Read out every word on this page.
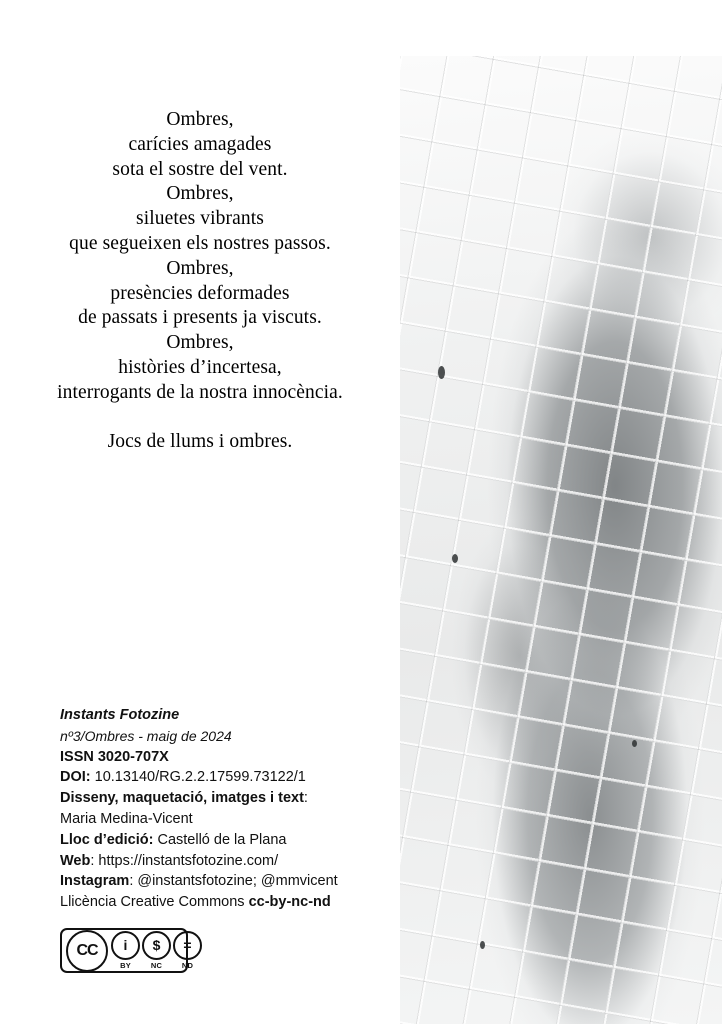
Ombres,
carícies amagades
sota el sostre del vent.
Ombres,
siluetes vibrants
que segueixen els nostres passos.
Ombres,
presències deformades
de passats i presents ja viscuts.
Ombres,
històries d’incertesa,
interrogants de la nostra innocència.
Jocs de llums i ombres.
Instants Fotozine
nº3/Ombres - maig de 2024
ISSN 3020-707X
DOI: 10.13140/RG.2.2.17599.73122/1
Disseny, maquetació, imatges i text:
Maria Medina-Vicent
Lloc d’edició: Castelló de la Plana
Web: https://instantsfotozine.com/
Instagram: @instantsfotozine; @mmvicent
Llicència Creative Commons cc-by-nc-nd
CC	i
BY
$
NC
=
ND
